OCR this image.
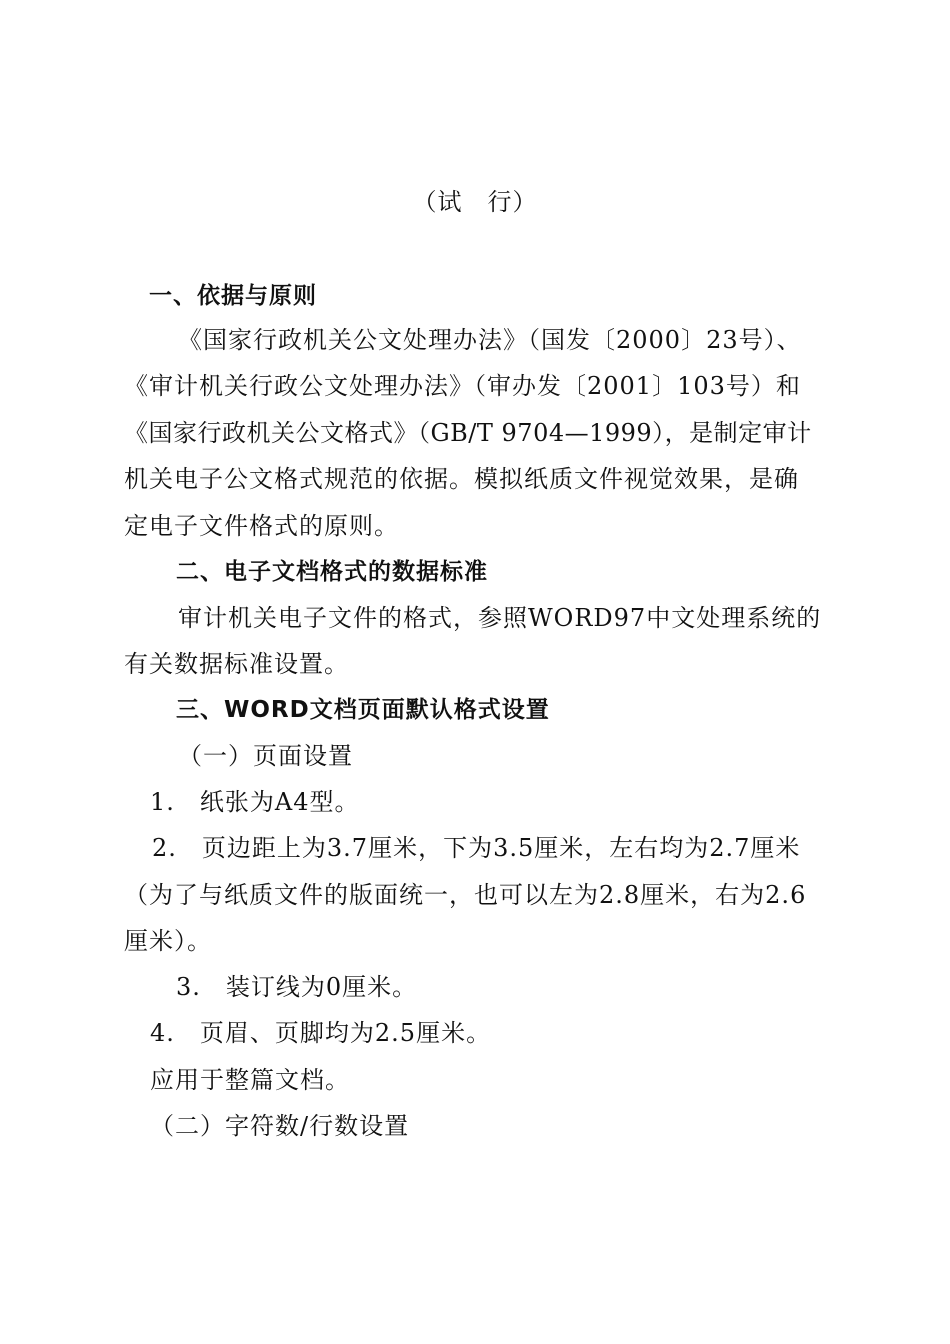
（试　行）
一、依据与原则
《国家行政机关公文处理办法》（国发〔2000〕23号）、
《审计机关行政公文处理办法》（审办发〔2001〕103号）和
《国家行政机关公文格式》（GB/T 9704—1999），是制定审计
机关电子公文格式规范的依据。模拟纸质文件视觉效果，是确
定电子文件格式的原则。
二、电子文档格式的数据标准
审计机关电子文件的格式，参照WORD97中文处理系统的
有关数据标准设置。
三、WORD文档页面默认格式设置
（一）页面设置
1.　纸张为A4型。
2.　页边距上为3.7厘米，下为3.5厘米，左右均为2.7厘米
（为了与纸质文件的版面统一，也可以左为2.8厘米，右为2.6
厘米）。
3.　装订线为0厘米。
4.　页眉、页脚均为2.5厘米。
应用于整篇文档。
（二）字符数/行数设置
